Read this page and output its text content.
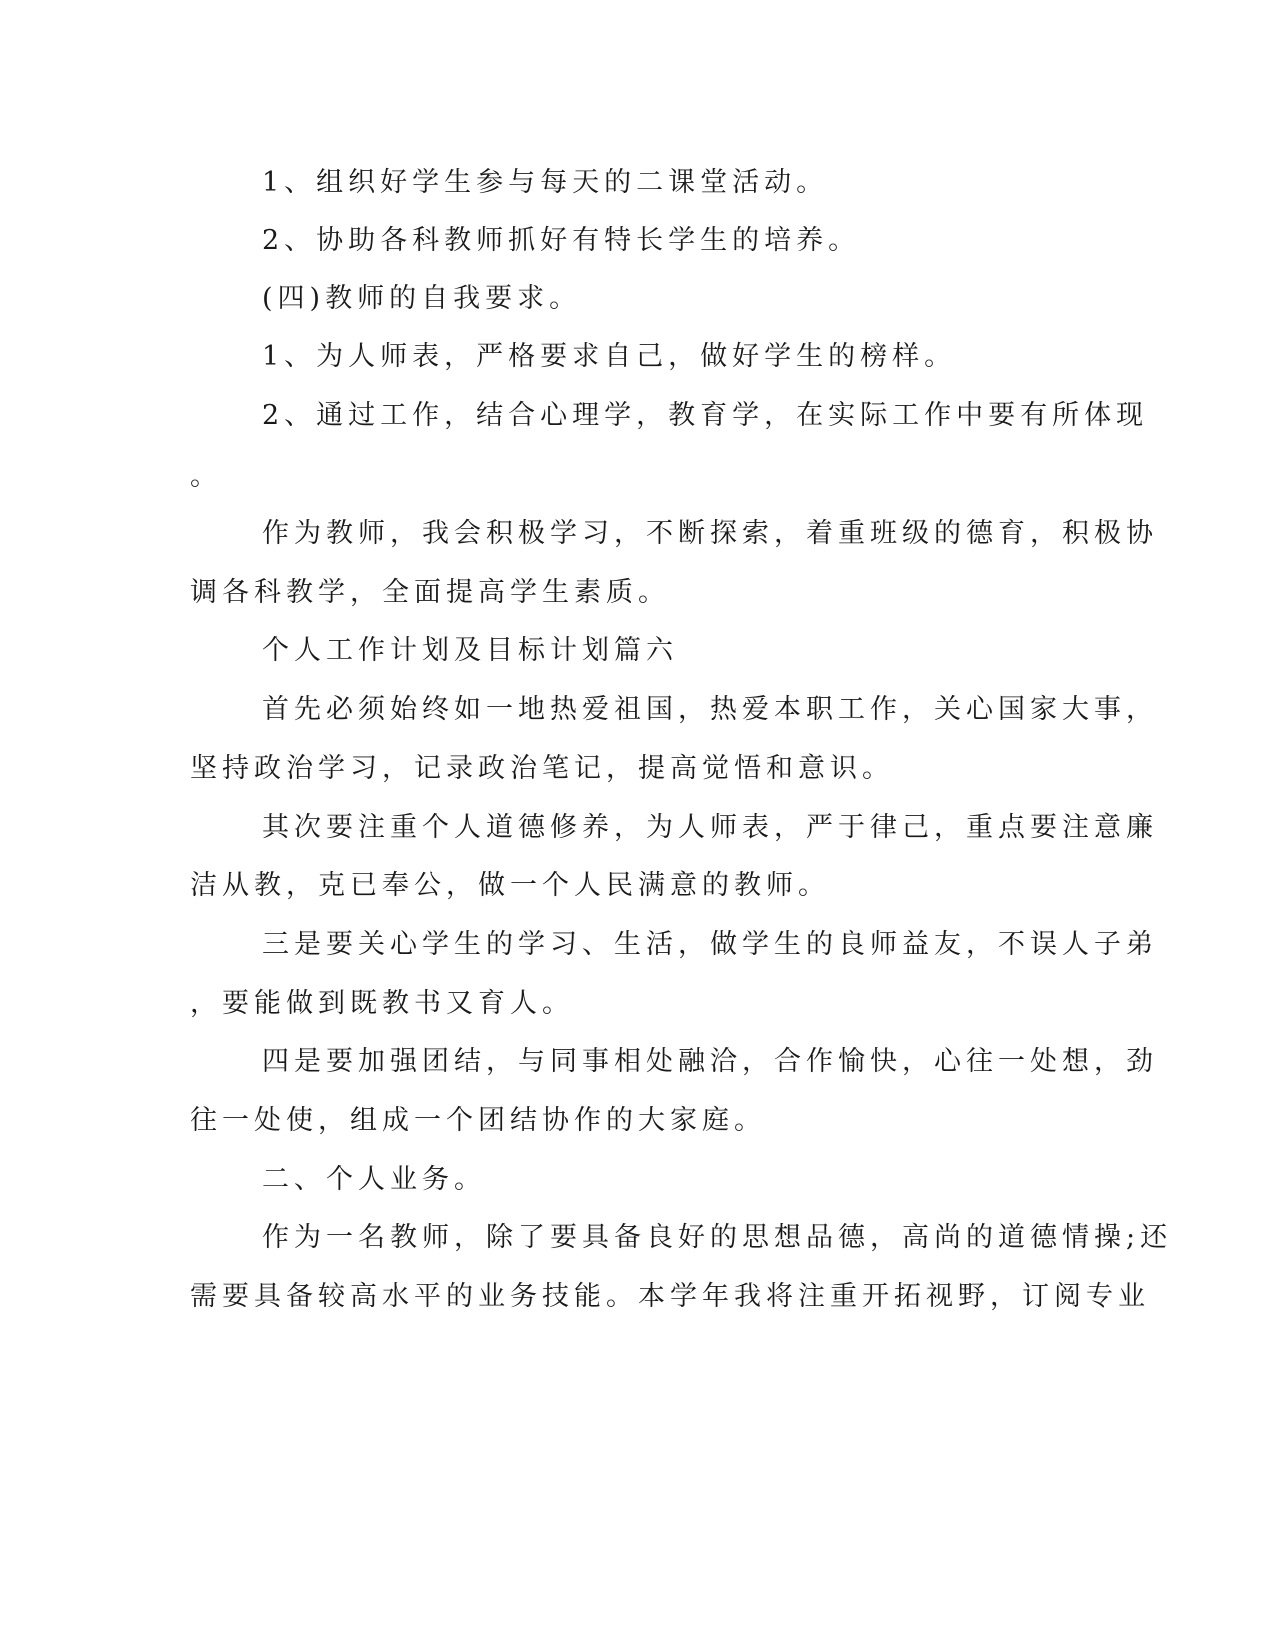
1、组织好学生参与每天的二课堂活动。
2、协助各科教师抓好有特长学生的培养。
(四)教师的自我要求。
1、为人师表，严格要求自己，做好学生的榜样。
2、通过工作，结合心理学，教育学，在实际工作中要有所体现
。
作为教师，我会积极学习，不断探索，着重班级的德育，积极协
调各科教学，全面提高学生素质。
个人工作计划及目标计划篇六
首先必须始终如一地热爱祖国，热爱本职工作，关心国家大事，
坚持政治学习，记录政治笔记，提高觉悟和意识。
其次要注重个人道德修养，为人师表，严于律己，重点要注意廉
洁从教，克已奉公，做一个人民满意的教师。
三是要关心学生的学习、生活，做学生的良师益友，不误人子弟
，要能做到既教书又育人。
四是要加强团结，与同事相处融洽，合作愉快，心往一处想，劲
往一处使，组成一个团结协作的大家庭。
二、个人业务。
作为一名教师，除了要具备良好的思想品德，高尚的道德情操;还
需要具备较高水平的业务技能。本学年我将注重开拓视野，订阅专业
